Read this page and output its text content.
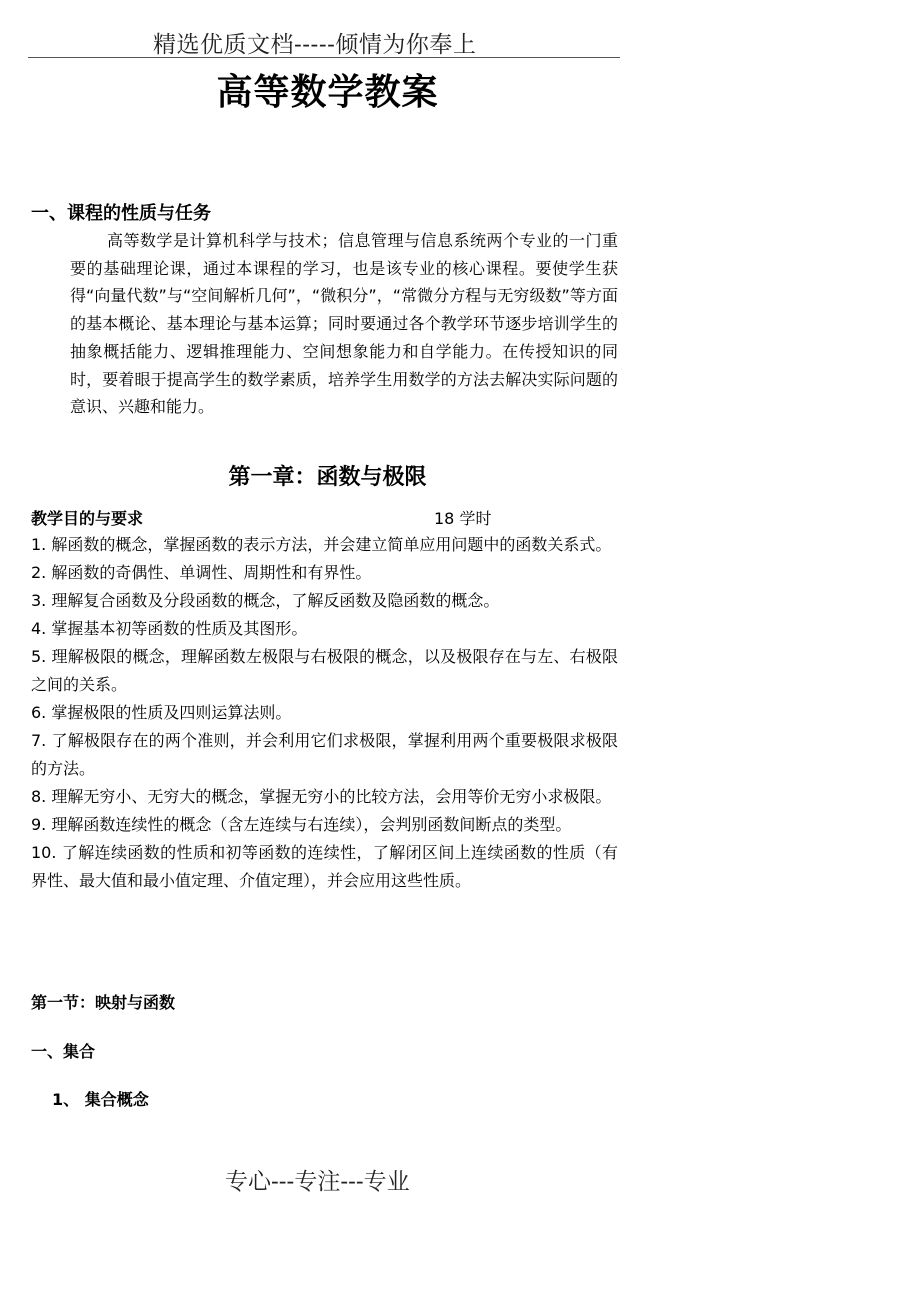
精选优质文档-----倾情为你奉上
高等数学教案
一、课程的性质与任务

高等数学是计算机科学与技术；信息管理与信息系统两个专业的一门重要的基础理论课，通过本课程的学习，也是该专业的核心课程。要使学生获得“向量代数”与“空间解析几何”，“微积分”，“常微分方程与无穷级数”等方面的基本概论、基本理论与基本运算；同时要通过各个教学环节逐步培训学生的抽象概括能力、逻辑推理能力、空间想象能力和自学能力。在传授知识的同时，要着眼于提高学生的数学素质，培养学生用数学的方法去解决实际问题的意识、兴趣和能力。

第一章：函数与极限
教学目的与要求	18 学时
1. 解函数的概念，掌握函数的表示方法，并会建立简单应用问题中的函数关系式。
2. 解函数的奇偶性、单调性、周期性和有界性。
3. 理解复合函数及分段函数的概念，了解反函数及隐函数的概念。
4. 掌握基本初等函数的性质及其图形。
5. 理解极限的概念，理解函数左极限与右极限的概念，以及极限存在与左、右极限之间的关系。
6. 掌握极限的性质及四则运算法则。
7. 了解极限存在的两个准则，并会利用它们求极限，掌握利用两个重要极限求极限的方法。
8. 理解无穷小、无穷大的概念，掌握无穷小的比较方法，会用等价无穷小求极限。
9. 理解函数连续性的概念（含左连续与右连续），会判别函数间断点的类型。
10. 了解连续函数的性质和初等函数的连续性，了解闭区间上连续函数的性质（有界性、最大值和最小值定理、介值定理），并会应用这些性质。
第一节：映射与函数
一、集合
1、 集合概念
专心---专注---专业
